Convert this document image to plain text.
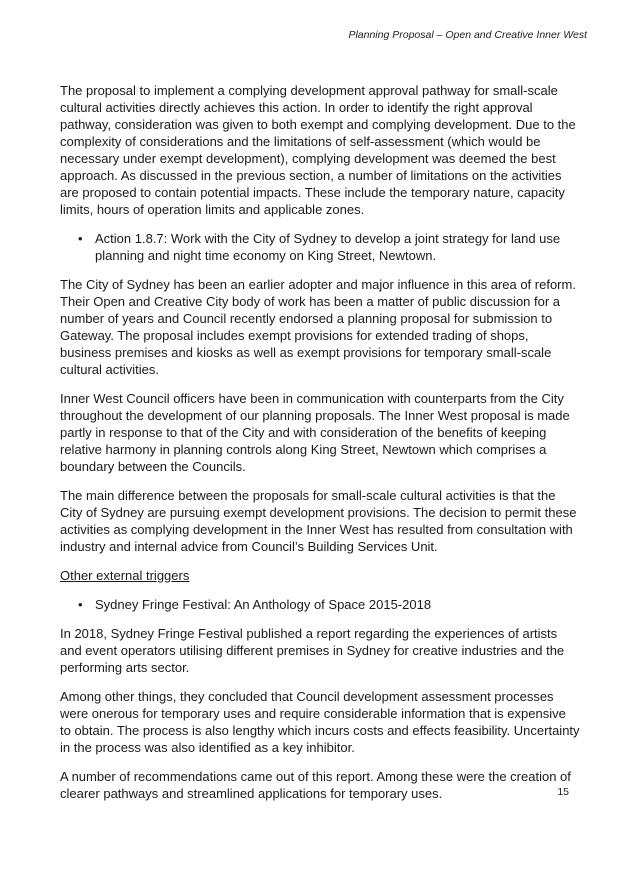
Planning Proposal – Open and Creative Inner West

The proposal to implement a complying development approval pathway for small-scale cultural activities directly achieves this action. In order to identify the right approval pathway, consideration was given to both exempt and complying development. Due to the complexity of considerations and the limitations of self-assessment (which would be necessary under exempt development), complying development was deemed the best approach. As discussed in the previous section, a number of limitations on the activities are proposed to contain potential impacts. These include the temporary nature, capacity limits, hours of operation limits and applicable zones.

• Action 1.8.7: Work with the City of Sydney to develop a joint strategy for land use planning and night time economy on King Street, Newtown.

The City of Sydney has been an earlier adopter and major influence in this area of reform. Their Open and Creative City body of work has been a matter of public discussion for a number of years and Council recently endorsed a planning proposal for submission to Gateway. The proposal includes exempt provisions for extended trading of shops, business premises and kiosks as well as exempt provisions for temporary small-scale cultural activities.

Inner West Council officers have been in communication with counterparts from the City throughout the development of our planning proposals. The Inner West proposal is made partly in response to that of the City and with consideration of the benefits of keeping relative harmony in planning controls along King Street, Newtown which comprises a boundary between the Councils.

The main difference between the proposals for small-scale cultural activities is that the City of Sydney are pursuing exempt development provisions. The decision to permit these activities as complying development in the Inner West has resulted from consultation with industry and internal advice from Council’s Building Services Unit.

Other external triggers
• Sydney Fringe Festival: An Anthology of Space 2015-2018

In 2018, Sydney Fringe Festival published a report regarding the experiences of artists and event operators utilising different premises in Sydney for creative industries and the performing arts sector.

Among other things, they concluded that Council development assessment processes were onerous for temporary uses and require considerable information that is expensive to obtain. The process is also lengthy which incurs costs and effects feasibility. Uncertainty in the process was also identified as a key inhibitor.

A number of recommendations came out of this report. Among these were the creation of clearer pathways and streamlined applications for temporary uses.	15
